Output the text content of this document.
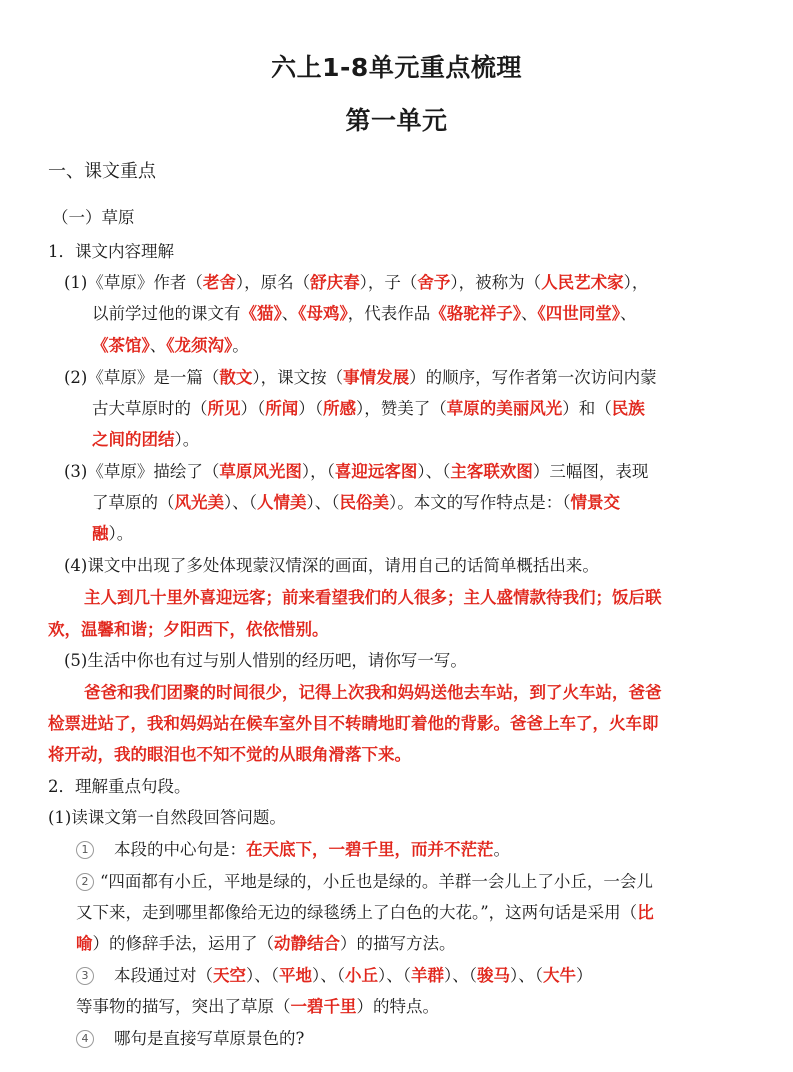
六上1-8单元重点梳理
第一单元
一、课文重点
（一）草原
1．课文内容理解
(1)《草原》作者（老舍），原名（舒庆春），子（舍予），被称为（人民艺术家），
以前学过他的课文有《猫》、《母鸡》，代表作品《骆驼祥子》、《四世同堂》、
《茶馆》、《龙须沟》。
(2)《草原》是一篇（散文），课文按（事情发展）的顺序，写作者第一次访问内蒙
古大草原时的（所见）（所闻）（所感），赞美了（草原的美丽风光）和（民族
之间的团结）。
(3)《草原》描绘了（草原风光图），（喜迎远客图）、（主客联欢图）三幅图，表现
了草原的（风光美）、（人情美）、（民俗美）。本文的写作特点是：（情景交
融）。
(4)课文中出现了多处体现蒙汉情深的画面，请用自己的话简单概括出来。
主人到几十里外喜迎远客；前来看望我们的人很多；主人盛情款待我们；饭后联
欢，温馨和谐；夕阳西下，依依惜别。
(5)生活中你也有过与别人惜别的经历吧，请你写一写。
爸爸和我们团聚的时间很少，记得上次我和妈妈送他去车站，到了火车站，爸爸
检票进站了，我和妈妈站在候车室外目不转睛地盯着他的背影。爸爸上车了，火车即
将开动，我的眼泪也不知不觉的从眼角滑落下来。
2．理解重点句段。
(1)读课文第一自然段回答问题。
1 本段的中心句是：在天底下，一碧千里，而并不茫茫。
2 “四面都有小丘，平地是绿的，小丘也是绿的。羊群一会儿上了小丘，一会儿
又下来，走到哪里都像给无边的绿毯绣上了白色的大花。”，这两句话是采用（比
喻）的修辞手法，运用了（动静结合）的描写方法。
3 本段通过对（天空）、（平地）、（小丘）、（羊群）、（骏马）、（大牛）
等事物的描写，突出了草原（一碧千里）的特点。
4 哪句是直接写草原景色的?
